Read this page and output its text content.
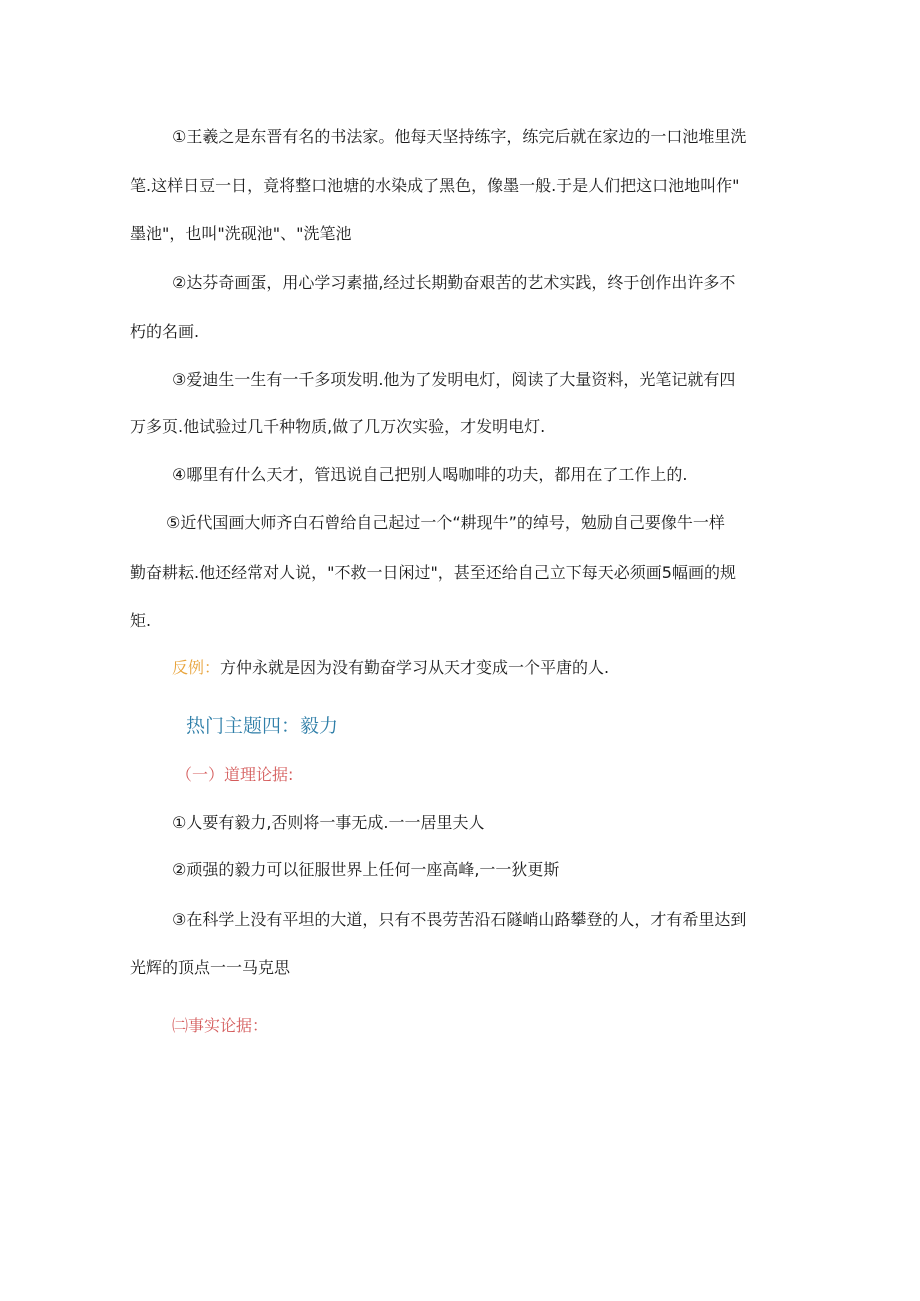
①王羲之是东晋有名的书法家。他每天坚持练字，练完后就在家边的一口池堆里洗
笔.这样日豆一日，竟将整口池塘的水染成了黑色，像墨一般.于是人们把这口池地叫作"
墨池"，也叫"洗砚池"、"洗笔池
②达芬奇画蛋，用心学习素描,经过长期勤奋艰苦的艺术实践，终于创作出许多不
朽的名画.
③爱迪生一生有一千多项发明.他为了发明电灯，阅读了大量资料，光笔记就有四
万多页.他试验过几千种物质,做了几万次实验，才发明电灯.
④哪里有什么天才，管迅说自己把别人喝咖啡的功夫，都用在了工作上的.
⑤近代国画大师齐白石曾给自己起过一个“耕现牛”的绰号，勉励自己要像牛一样
勤奋耕耘.他还经常对人说，"不救一日闲过"，甚至还给自己立下每天必须画5幅画的规
矩.
反例：方仲永就是因为没有勤奋学习从天才变成一个平唐的人.
热门主题四：毅力
（一）道理论据:
①人要有毅力,否则将一事无成.一一居里夫人
②顽强的毅力可以征服世界上任何一座高峰,一一狄更斯
③在科学上没有平坦的大道，只有不畏劳苦沿石隧峭山路攀登的人，才有希里达到
光辉的顶点一一马克思
㈡事实论据：
